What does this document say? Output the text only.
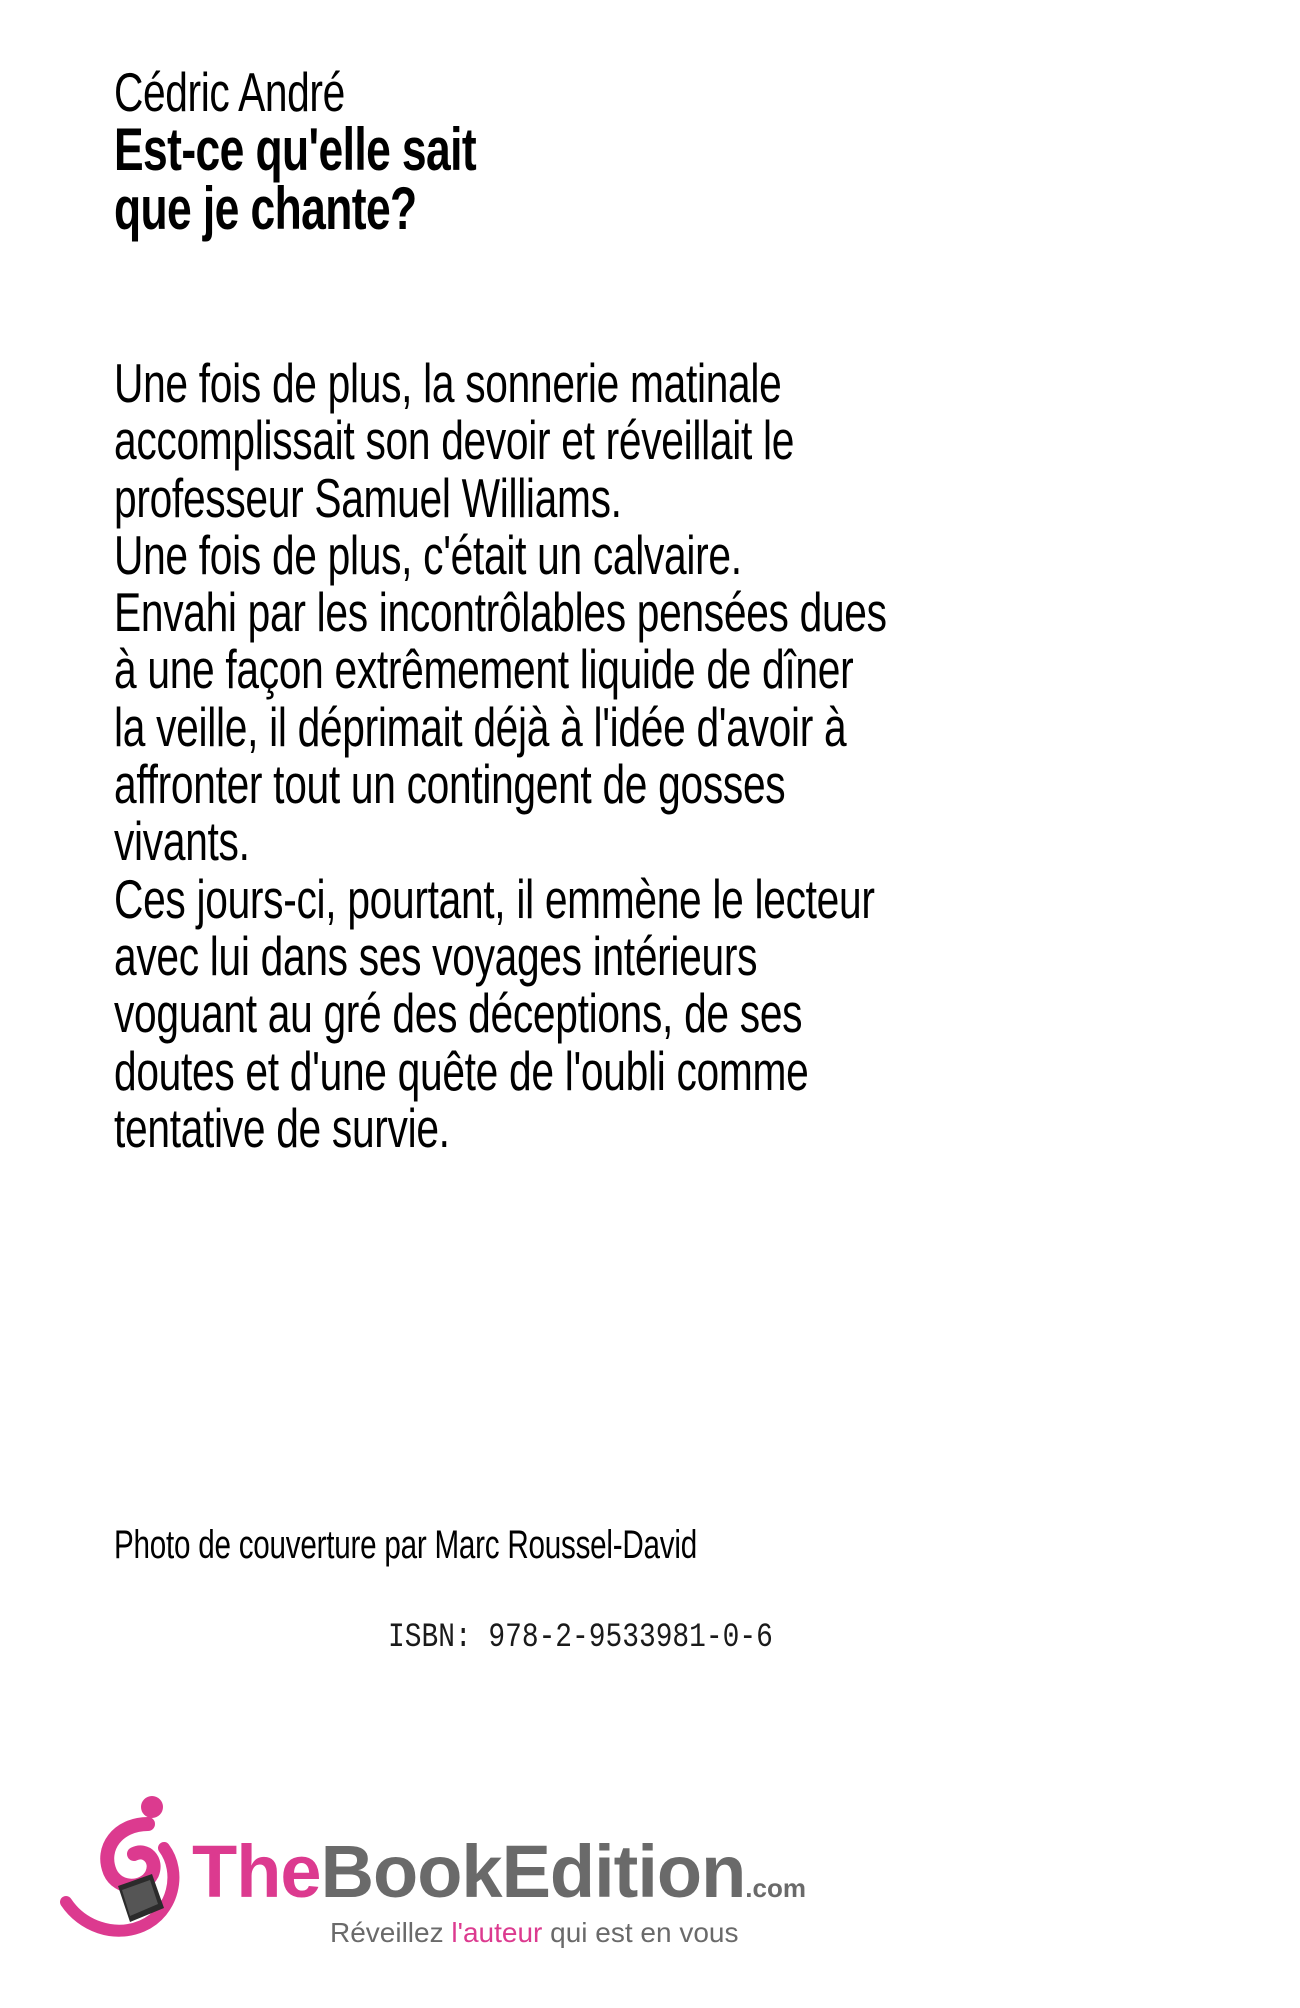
Cédric André
Est-ce qu'elle sait
que je chante?
Une fois de plus, la sonnerie matinale
accomplissait son devoir et réveillait le
professeur Samuel Williams.
Une fois de plus, c'était un calvaire.
Envahi par les incontrôlables pensées dues
à une façon extrêmement liquide de dîner
la veille, il déprimait déjà à l'idée d'avoir à
affronter tout un contingent de gosses
vivants.
Ces jours-ci, pourtant, il emmène le lecteur
avec lui dans ses voyages intérieurs
voguant au gré des déceptions, de ses
doutes et d'une quête de l'oubli comme
tentative de survie.
Photo de couverture par Marc Roussel-David
ISBN: 978-2-9533981-0-6
TheBookEdition.com
Réveillez l'auteur qui est en vous
